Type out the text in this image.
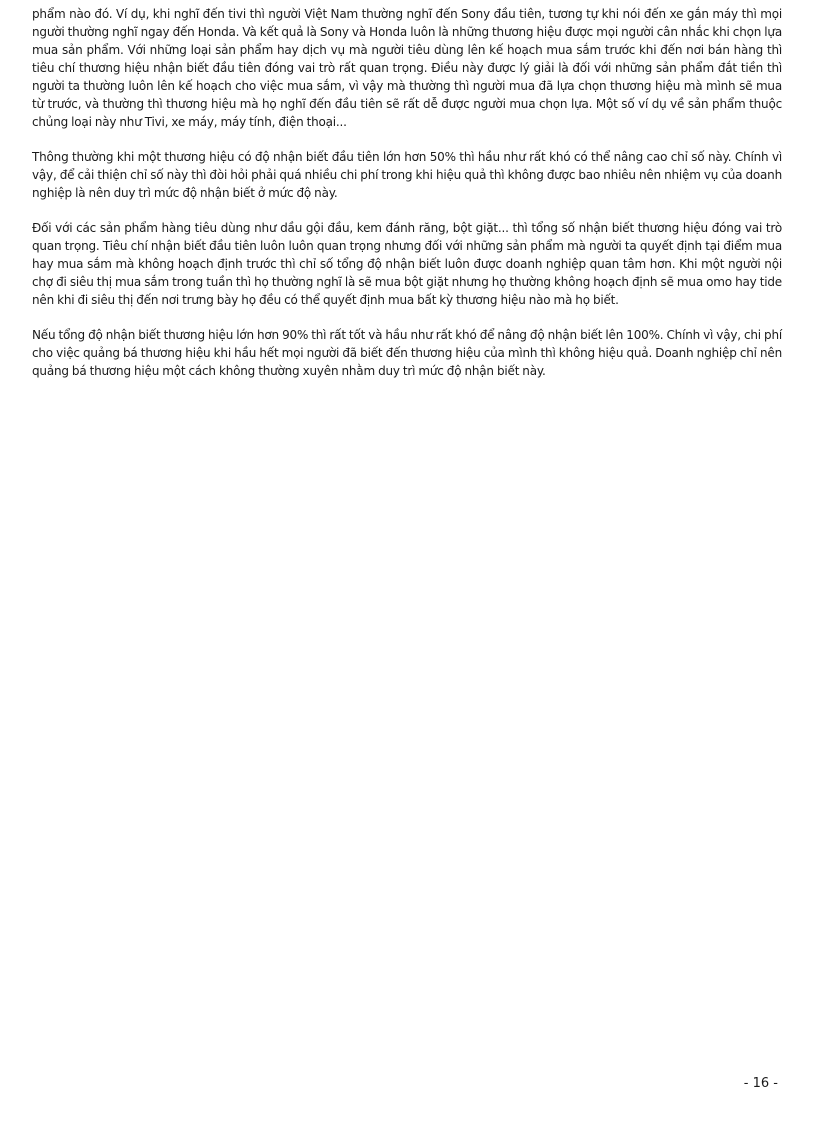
phẩm nào đó. Ví dụ, khi nghĩ đến tivi thì người Việt Nam thường nghĩ đến Sony đầu tiên, tương tự khi nói đến xe gắn máy thì mọi người thường nghĩ ngay đến Honda. Và kết quả là Sony và Honda luôn là những thương hiệu được mọi người cân nhắc khi chọn lựa mua sản phẩm. Với những loại sản phẩm hay dịch vụ mà người tiêu dùng lên kế hoạch mua sắm trước khi đến nơi bán hàng thì tiêu chí thương hiệu nhận biết đầu tiên đóng vai trò rất quan trọng. Điều này được lý giải là đối với những sản phẩm đắt tiền thì người ta thường luôn lên kế hoạch cho việc mua sắm, vì vậy mà thường thì người mua đã lựa chọn thương hiệu mà mình sẽ mua từ trước, và thường thì thương hiệu mà họ nghĩ đến đầu tiên sẽ rất dễ được người mua chọn lựa. Một số ví dụ về sản phẩm thuộc chủng loại này như Tivi, xe máy, máy tính, điện thoại...

Thông thường khi một thương hiệu có độ nhận biết đầu tiên lớn hơn 50% thì hầu như rất khó có thể nâng cao chỉ số này. Chính vì vậy, để cải thiện chỉ số này thì đòi hỏi phải quá nhiều chi phí trong khi hiệu quả thì không được bao nhiêu nên nhiệm vụ của doanh nghiệp là nên duy trì mức độ nhận biết ở mức độ này.

Đối với các sản phẩm hàng tiêu dùng như dầu gội đầu, kem đánh răng, bột giặt... thì tổng số nhận biết thương hiệu đóng vai trò quan trọng. Tiêu chí nhận biết đầu tiên luôn luôn quan trọng nhưng đối với những sản phẩm mà người ta quyết định tại điểm mua hay mua sắm mà không hoạch định trước thì chỉ số tổng độ nhận biết luôn được doanh nghiệp quan tâm hơn. Khi một người nội chợ đi siêu thị mua sắm trong tuần thì họ thường nghĩ là sẽ mua bột giặt nhưng họ thường không hoạch định sẽ mua omo hay tide nên khi đi siêu thị đến nơi trưng bày họ đều có thể quyết định mua bất kỳ thương hiệu nào mà họ biết.

Nếu tổng độ nhận biết thương hiệu lớn hơn 90% thì rất tốt và hầu như rất khó để nâng độ nhận biết lên 100%. Chính vì vậy, chi phí cho việc quảng bá thương hiệu khi hầu hết mọi người đã biết đến thương hiệu của mình thì không hiệu quả. Doanh nghiệp chỉ nên quảng bá thương hiệu một cách không thường xuyên nhằm duy trì mức độ nhận biết này.

- 16 -
